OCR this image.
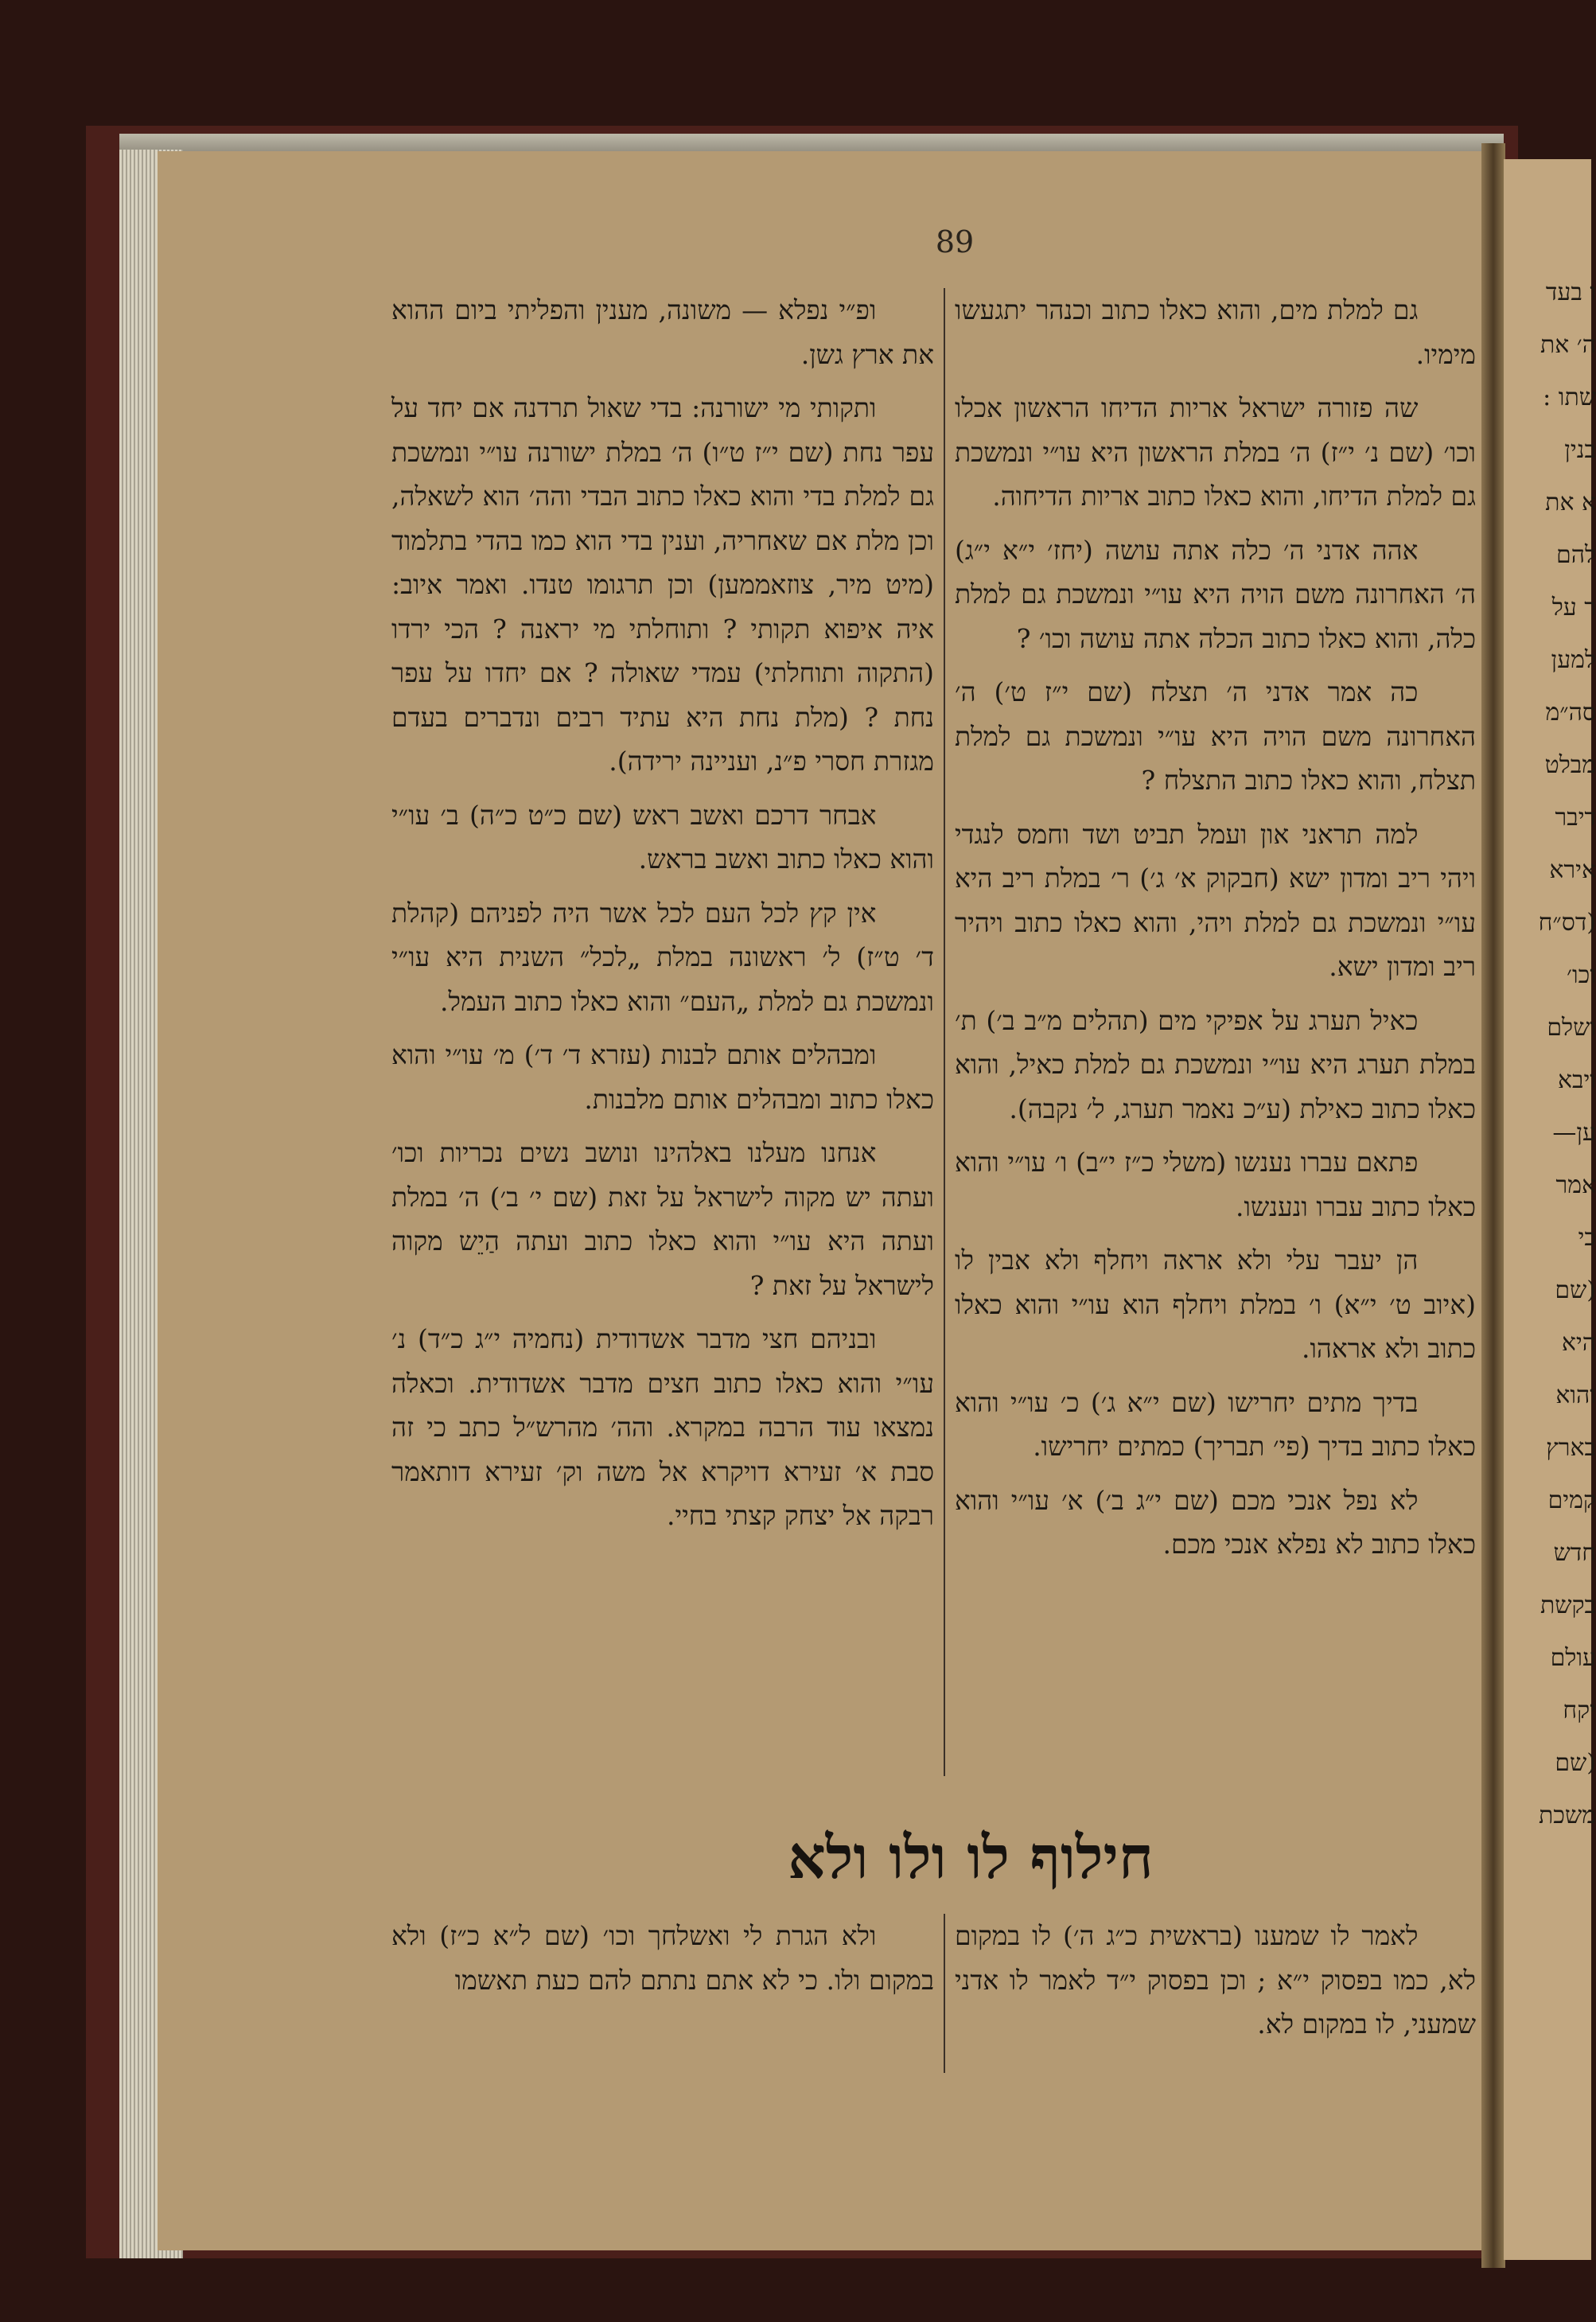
ו בעד
ה׳ את
שתו :
בנין
א את
להם
ר על
למען
סה״מ
מבלט
דיבר
אירא
(דס״ח
וכו׳
ושלם
ויבא
ען—
אמר
כי
(שם
היא
והוא
בארץ
קמים
חדש
בקשת
עולם
יקח
(שם
משכת
89

גם למלת מים, והוא כאלו כתוב וכנהר יתגעשו מימיו.

שה פזורה ישראל אריות הדיחו הראשון אכלו וכו׳ (שם נ׳ י״ז) ה׳ במלת הראשון היא עו״י ונמשכת גם למלת הדיחו, והוא כאלו כתוב אריות הדיחוה.

אהה אדני ה׳ כלה אתה עושה (יחז׳ י״א י״ג) ה׳ האחרונה משם הויה היא עו״י ונמשכת גם למלת כלה, והוא כאלו כתוב הכלה אתה עושה וכו׳ ?

כה אמר אדני ה׳ תצלח (שם י״ז ט׳) ה׳ האחרונה משם הויה היא עו״י ונמשכת גם למלת תצלח, והוא כאלו כתוב התצלח ?

למה תראני און ועמל תביט ושד וחמס לנגדי ויהי ריב ומדון ישא (חבקוק א׳ ג׳) ר׳ במלת ריב היא עו״י ונמשכת גם למלת ויהי, והוא כאלו כתוב ויהיר ריב ומדון ישא.

כאיל תערג על אפיקי מים (תהלים מ״ב ב׳) ת׳ במלת תערג היא עו״י ונמשכת גם למלת כאיל, והוא כאלו כתוב כאילת (ע״כ נאמר תערג, ל׳ נקבה).

פתאם עברו נענשו (משלי כ״ז י״ב) ו׳ עו״י והוא כאלו כתוב עברו ונענשו.

הן יעבר עלי ולא אראה ויחלף ולא אבין לו (איוב ט׳ י״א) ו׳ במלת ויחלף הוא עו״י והוא כאלו כתוב ולא אראהו.

בדיך מתים יחרישו (שם י״א ג׳) כ׳ עו״י והוא כאלו כתוב בדיך (פי׳ תבריך) כמתים יחרישו.

לא נפל אנכי מכם (שם י״ג ב׳) א׳ עו״י והוא כאלו כתוב לא נפלא אנכי מכם.

ופ״י נפלא — משונה, מענין והפליתי ביום ההוא את ארץ גשן.

ותקותי מי ישורנה: בדי שאול תרדנה אם יחד על עפר נחת (שם י״ז ט״ו) ה׳ במלת ישורנה עו״י ונמשכת גם למלת בדי והוא כאלו כתוב הבדי והה׳ הוא לשאלה, וכן מלת אם שאחריה, וענין בדי הוא כמו בהדי בתלמוד (מיט מיר, צוזאממען) וכן תרגומו טנדו. ואמר איוב: איה איפוא תקותי ? ותוחלתי מי יראנה ? הכי ירדו (התקוה ותוחלתי) עמדי שאולה ? אם יחדו על עפר נחת ? (מלת נחת היא עתיד רבים ונדברים בעדם מגזרת חסרי פ״נ, ועניינה ירידה).

אבחר דרכם ואשב ראש (שם כ״ט כ״ה) ב׳ עו״י והוא כאלו כתוב ואשב בראש.

אין קץ לכל העם לכל אשר היה לפניהם (קהלת ד׳ ט״ז) ל׳ ראשונה במלת „לכל״ השנית היא עו״י ונמשכת גם למלת „העם״ והוא כאלו כתוב העמל.

ומבהלים אותם לבנות (עזרא ד׳ ד׳) מ׳ עו״י והוא כאלו כתוב ומבהלים אותם מלבנות.

אנחנו מעלנו באלהינו ונושב נשים נכריות וכו׳ ועתה יש מקוה לישראל על זאת (שם י׳ ב׳) ה׳ במלת ועתה היא עו״י והוא כאלו כתוב ועתה הַיֵש מקוה לישראל על זאת ?

ובניהם חצי מדבר אשדודית (נחמיה י״ג כ״ד) נ׳ עו״י והוא כאלו כתוב חצים מדבר אשדודית. וכאלה נמצאו עוד הרבה במקרא. והה׳ מהרש״ל כתב כי זה סבת א׳ זעירא דויקרא אל משה וק׳ זעירא דותאמר רבקה אל יצחק קצתי בחיי.

חילוף לו ולו ולא

לאמר לו שמענו (בראשית כ״ג ה׳) לו במקום לא, כמו בפסוק י״א ; וכן בפסוק י״ד לאמר לו אדני שמעני, לו במקום לא.

ולא הגרת לי ואשלחך וכו׳ (שם ל״א כ״ז) ולא במקום ולו. כי לא אתם נתתם להם כעת תאשמו
